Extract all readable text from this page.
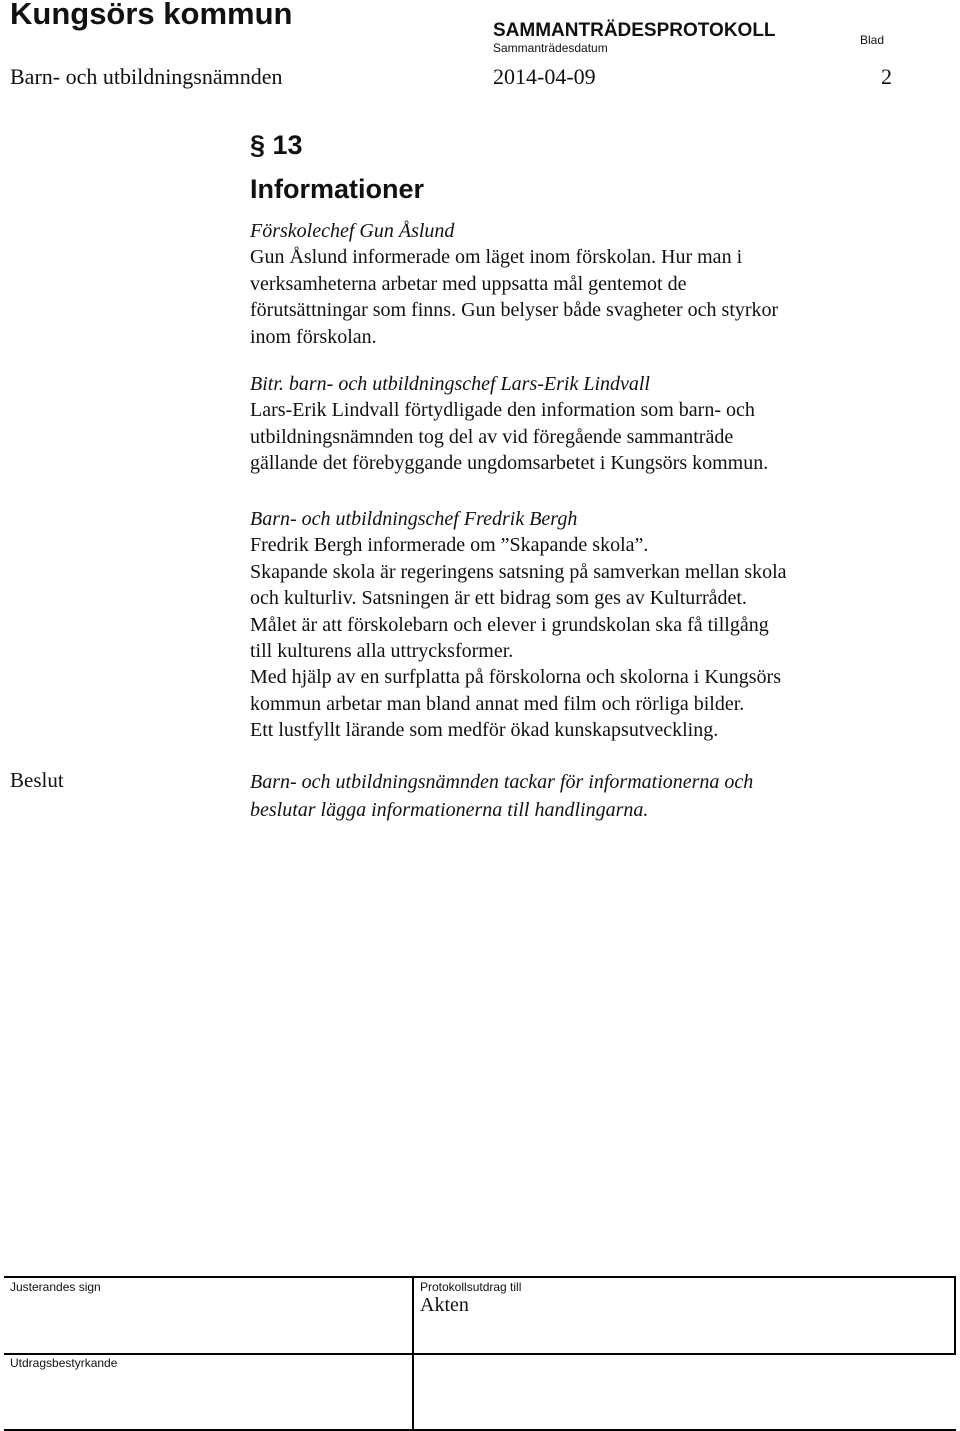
Kungsörs kommun	SAMMANTRÄDESPROTOKOLL
Sammanträdesdatum
Blad
Barn- och utbildningsnämnden	2014-04-09	2
§ 13
Informationer
Förskolechef Gun Åslund
Gun Åslund informerade om läget inom förskolan. Hur man i
verksamheterna arbetar med uppsatta mål gentemot de
förutsättningar som finns. Gun belyser både svagheter och styrkor
inom förskolan.
Bitr. barn- och utbildningschef Lars-Erik Lindvall
Lars-Erik Lindvall förtydligade den information som barn- och
utbildningsnämnden tog del av vid föregående sammanträde
gällande det förebyggande ungdomsarbetet i Kungsörs kommun.
Barn- och utbildningschef Fredrik Bergh
Fredrik Bergh informerade om ”Skapande skola”.
Skapande skola är regeringens satsning på samverkan mellan skola
och kulturliv. Satsningen är ett bidrag som ges av Kulturrådet.
Målet är att förskolebarn och elever i grundskolan ska få tillgång
till kulturens alla uttrycksformer.
Med hjälp av en surfplatta på förskolorna och skolorna i Kungsörs
kommun arbetar man bland annat med film och rörliga bilder.
Ett lustfyllt lärande som medför ökad kunskapsutveckling.
Beslut	Barn- och utbildningsnämnden tackar för informationerna och
beslutar lägga informationerna till handlingarna.
Justerandes sign	Protokollsutdrag till
Akten
Utdragsbestyrkande
